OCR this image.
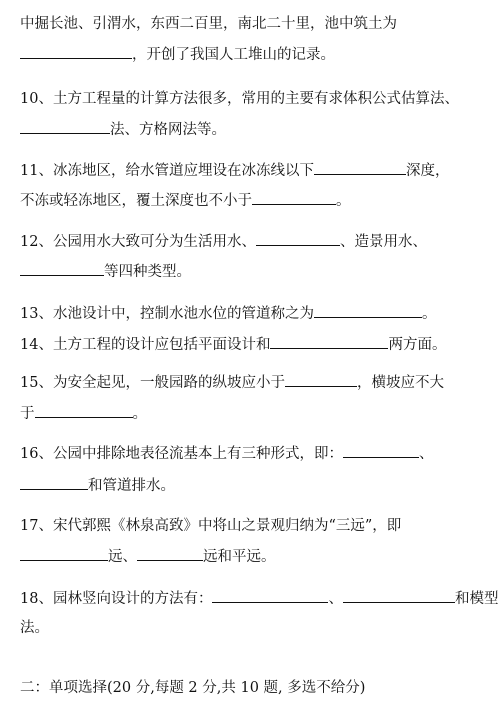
中掘长池、引渭水，东西二百里，南北二十里，池中筑土为
，开创了我国人工堆山的记录。
10、土方工程量的计算方法很多，常用的主要有求体积公式估算法、
法、方格网法等。
11、冰冻地区，给水管道应埋设在冰冻线以下	深度，
不冻或轻冻地区，覆土深度也不小于	。
12、公园用水大致可分为生活用水、	、造景用水、
等四种类型。
13、水池设计中，控制水池水位的管道称之为	。
14、土方工程的设计应包括平面设计和	两方面。
15、为安全起见，一般园路的纵坡应小于	，横坡应不大
于	。
16、公园中排除地表径流基本上有三种形式，即：	、
和管道排水。
17、宋代郭熙《林泉高致》中将山之景观归纳为“三远”，即
远、	远和平远。
18、园林竖向设计的方法有：	、	和模型
法。
二：单项选择(20 分,每题 2 分,共 10 题, 多选不给分)
